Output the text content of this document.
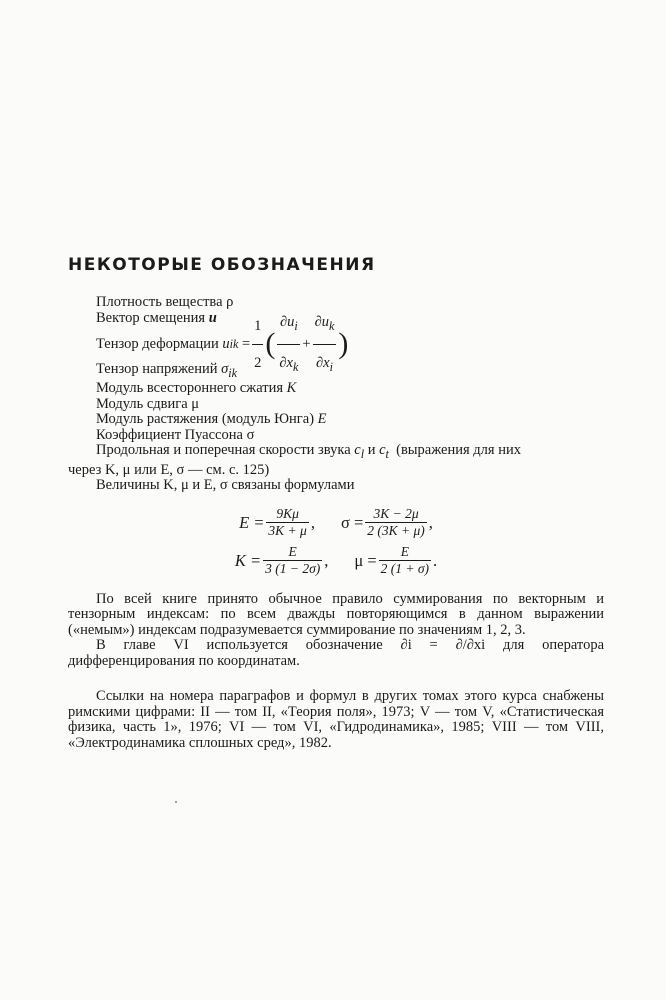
НЕКОТОРЫЕ ОБОЗНАЧЕНИЯ
Плотность вещества ρ
Вектор смещения u
Тензор деформации
u ik
= $\frac{1}{2}$ ( $\frac{\partial u_i}{\partial x_k} + \frac{\partial u_k}{\partial x_i}$ )
Тензор напряжений $\sigma_{ik}$
Модуль всестороннего сжатия K
Модуль сдвига μ
Модуль растяжения (модуль Юнга) E
Коэффициент Пуассона σ
Продольная и поперечная скорости звука $c_l$ и $c_t$ (выражения для них
через K, μ или E, σ — см. с. 125)
Величины K, μ и E, σ связаны формулами
$E = \frac{9K\mu}{3K + \mu}$ , $\sigma = \frac{3K - 2\mu}{2 (3K + \mu)}$ ,
$K = \frac{E}{3 (1 - 2\sigma)}$ , $\mu = \frac{E}{2 (1 + \sigma)}$ .

По всей книге принято обычное правило суммирования по векторным и тензорным индексам: по всем дважды повторяющимся в данном выражении («немым») индексам подразумевается суммирование по значениям 1, 2, 3.

В главе VI используется обозначение ∂i = ∂/∂xi для оператора дифференцирования по координатам.

Ссылки на номера параграфов и формул в других томах этого курса снабжены римскими цифрами: II — том II, «Теория поля», 1973; V — том V, «Статистическая физика, часть 1», 1976; VI — том VI, «Гидродинамика», 1985; VIII — том VIII, «Электродинамика сплошных сред», 1982.
